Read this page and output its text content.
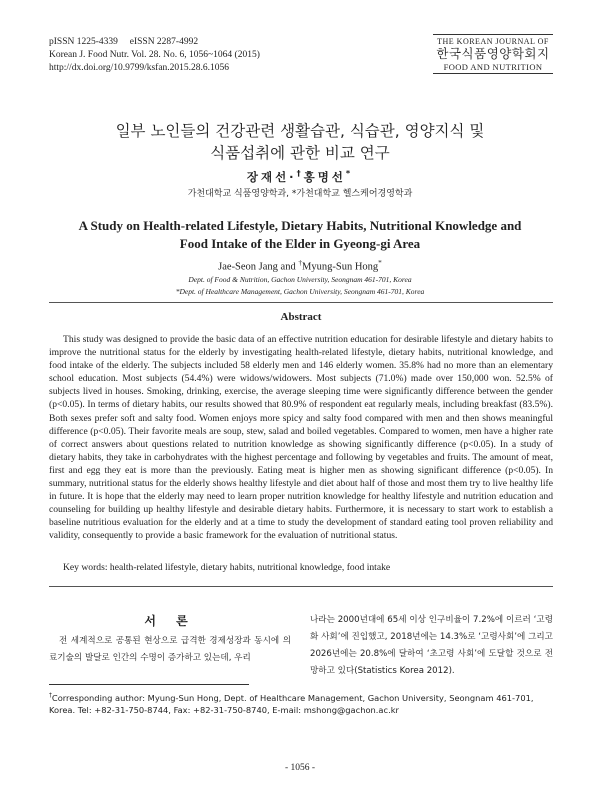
pISSN 1225-4339     eISSN 2287-4992
Korean J. Food Nutr. Vol. 28. No. 6, 1056~1064 (2015)
http://dx.doi.org/10.9799/ksfan.2015.28.6.1056
THE KOREAN JOURNAL OF
한국식품영양학회지
FOOD AND NUTRITION
일부 노인들의 건강관련 생활습관, 식습관, 영양지식 및
식품섭취에 관한 비교 연구
장재선·†홍명선*
가천대학교 식품영양학과, *가천대학교 헬스케어경영학과
A Study on Health-related Lifestyle, Dietary Habits, Nutritional Knowledge and
Food Intake of the Elder in Gyeong-gi Area
Jae-Seon Jang and †Myung-Sun Hong*
Dept. of Food & Nutrition, Gachon University, Seongnam 461-701, Korea
*Dept. of Healthcare Management, Gachon University, Seongnam 461-701, Korea
Abstract

This study was designed to provide the basic data of an effective nutrition education for desirable lifestyle and dietary habits to improve the nutritional status for the elderly by investigating health-related lifestyle, dietary habits, nutritional knowledge, and food intake of the elderly. The subjects included 58 elderly men and 146 elderly women. 35.8% had no more than an elementary school education. Most subjects (54.4%) were widows/widowers. Most subjects (71.0%) made over 150,000 won. 52.5% of subjects lived in houses. Smoking, drinking, exercise, the average sleeping time were significantly difference between the gender (p<0.05). In terms of dietary habits, our results showed that 80.9% of respondent eat regularly meals, including breakfast (83.5%). Both sexes prefer soft and salty food. Women enjoys more spicy and salty food compared with men and then shows meaningful difference (p<0.05). Their favorite meals are soup, stew, salad and boiled vegetables. Compared to women, men have a higher rate of correct answers about questions related to nutrition knowledge as showing significantly difference (p<0.05). In a study of dietary habits, they take in carbohydrates with the highest percentage and following by vegetables and fruits. The amount of meat, first and egg they eat is more than the previously. Eating meat is higher men as showing significant difference (p<0.05). In summary, nutritional status for the elderly shows healthy lifestyle and diet about half of those and most them try to live healthy life in future. It is hope that the elderly may need to learn proper nutrition knowledge for healthy lifestyle and nutrition education and counseling for building up healthy lifestyle and desirable dietary habits. Furthermore, it is necessary to start work to establish a baseline nutritious evaluation for the elderly and at a time to study the development of standard eating tool proven reliability and validity, consequently to provide a basic framework for the evaluation of nutritional status.

Key words: health-related lifestyle, dietary habits, nutritional knowledge, food intake
서 론

전 세계적으로 공통된 현상으로 급격한 경제성장과 동시에 의료기술의 발달로 인간의 수명이 증가하고 있는데, 우리

나라는 2000년대에 65세 이상 인구비율이 7.2%에 이르러 ‘고령화 사회’에 진입했고, 2018년에는 14.3%로 ‘고령사회’에 그리고 2026년에는 20.8%에 달하여 ‘초고령 사회’에 도달할 것으로 전망하고 있다(Statistics Korea 2012).
†Corresponding author: Myung-Sun Hong, Dept. of Healthcare Management, Gachon University, Seongnam 461-701, Korea. Tel: +82-31-750-8744, Fax: +82-31-750-8740, E-mail: mshong@gachon.ac.kr
- 1056 -
